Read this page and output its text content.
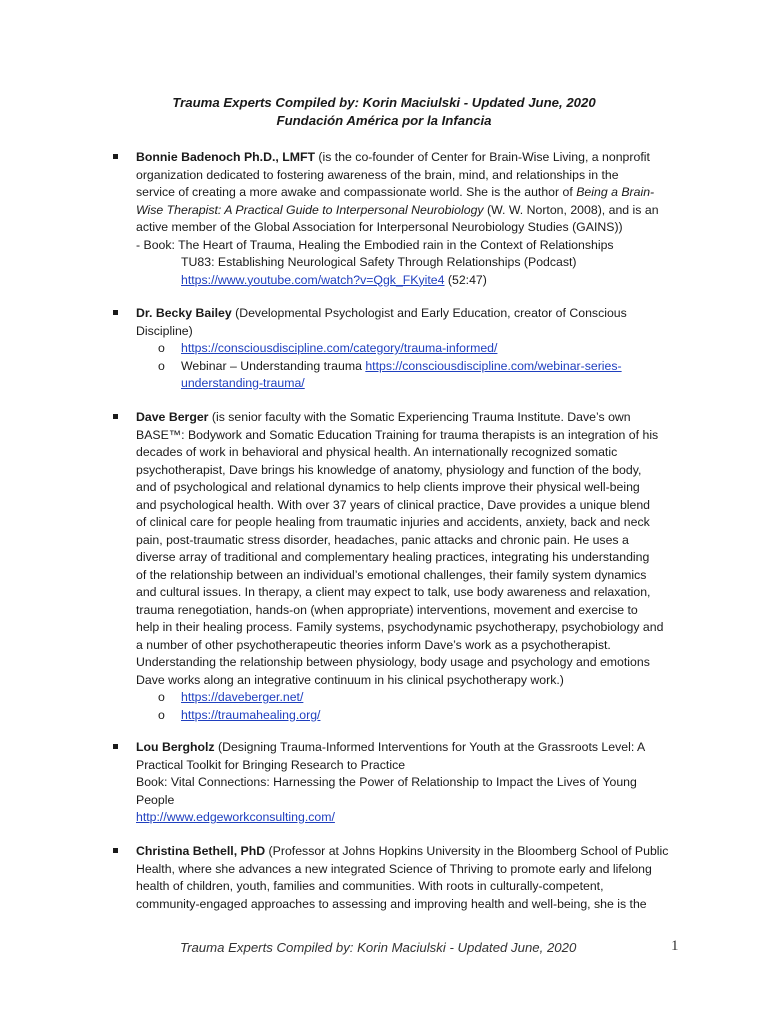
Trauma Experts Compiled by: Korin Maciulski - Updated June, 2020
Fundación América por la Infancia
Bonnie Badenoch Ph.D., LMFT (is the co-founder of Center for Brain-Wise Living, a nonprofit
organization dedicated to fostering awareness of the brain, mind, and relationships in the
service of creating a more awake and compassionate world. She is the author of Being a Brain-
Wise Therapist: A Practical Guide to Interpersonal Neurobiology (W. W. Norton, 2008), and is an
active member of the Global Association for Interpersonal Neurobiology Studies (GAINS))
- Book: The Heart of Trauma, Healing the Embodied rain in the Context of Relationships
TU83: Establishing Neurological Safety Through Relationships (Podcast)
https://www.youtube.com/watch?v=Qgk_FKyite4 (52:47)
Dr. Becky Bailey (Developmental Psychologist and Early Education, creator of Conscious
Discipline)
o https://consciousdiscipline.com/category/trauma-informed/
o Webinar – Understanding trauma https://consciousdiscipline.com/webinar-series-
understanding-trauma/
Dave Berger (is senior faculty with the Somatic Experiencing Trauma Institute. Dave’s own
BASE™: Bodywork and Somatic Education Training for trauma therapists is an integration of his
decades of work in behavioral and physical health. An internationally recognized somatic
psychotherapist, Dave brings his knowledge of anatomy, physiology and function of the body,
and of psychological and relational dynamics to help clients improve their physical well-being
and psychological health. With over 37 years of clinical practice, Dave provides a unique blend
of clinical care for people healing from traumatic injuries and accidents, anxiety, back and neck
pain, post-traumatic stress disorder, headaches, panic attacks and chronic pain. He uses a
diverse array of traditional and complementary healing practices, integrating his understanding
of the relationship between an individual’s emotional challenges, their family system dynamics
and cultural issues. In therapy, a client may expect to talk, use body awareness and relaxation,
trauma renegotiation, hands-on (when appropriate) interventions, movement and exercise to
help in their healing process. Family systems, psychodynamic psychotherapy, psychobiology and
a number of other psychotherapeutic theories inform Dave’s work as a psychotherapist.
Understanding the relationship between physiology, body usage and psychology and emotions
Dave works along an integrative continuum in his clinical psychotherapy work.)
o https://daveberger.net/
o https://traumahealing.org/
Lou Bergholz (Designing Trauma-Informed Interventions for Youth at the Grassroots Level: A
Practical Toolkit for Bringing Research to Practice
Book: Vital Connections: Harnessing the Power of Relationship to Impact the Lives of Young
People
http://www.edgeworkconsulting.com/
Christina Bethell, PhD (Professor at Johns Hopkins University in the Bloomberg School of Public
Health, where she advances a new integrated Science of Thriving to promote early and lifelong
health of children, youth, families and communities. With roots in culturally-competent,
community-engaged approaches to assessing and improving health and well-being, she is the
Trauma Experts Compiled by: Korin Maciulski - Updated June, 2020	1
